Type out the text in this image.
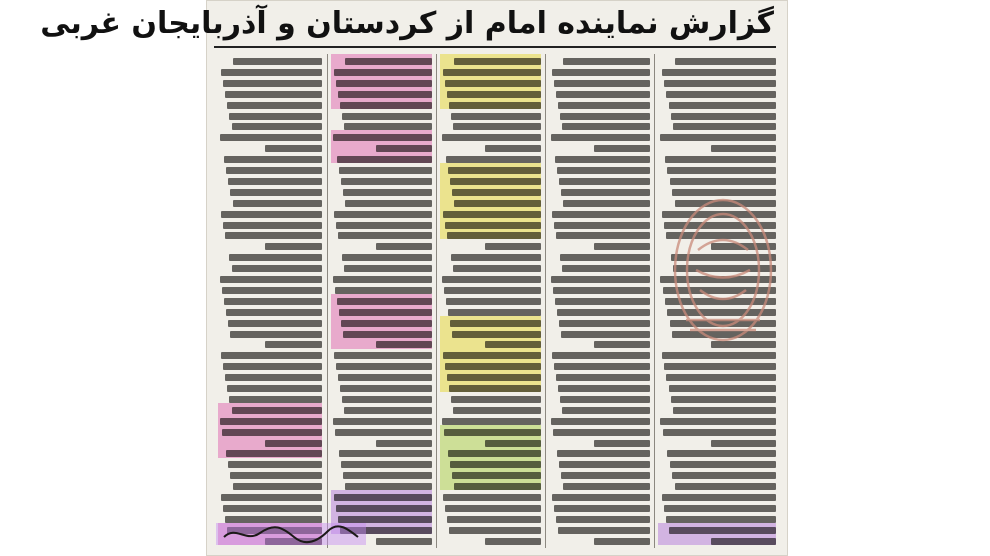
گزارش نماینده امام از کردستان و آذربایجان غربی
